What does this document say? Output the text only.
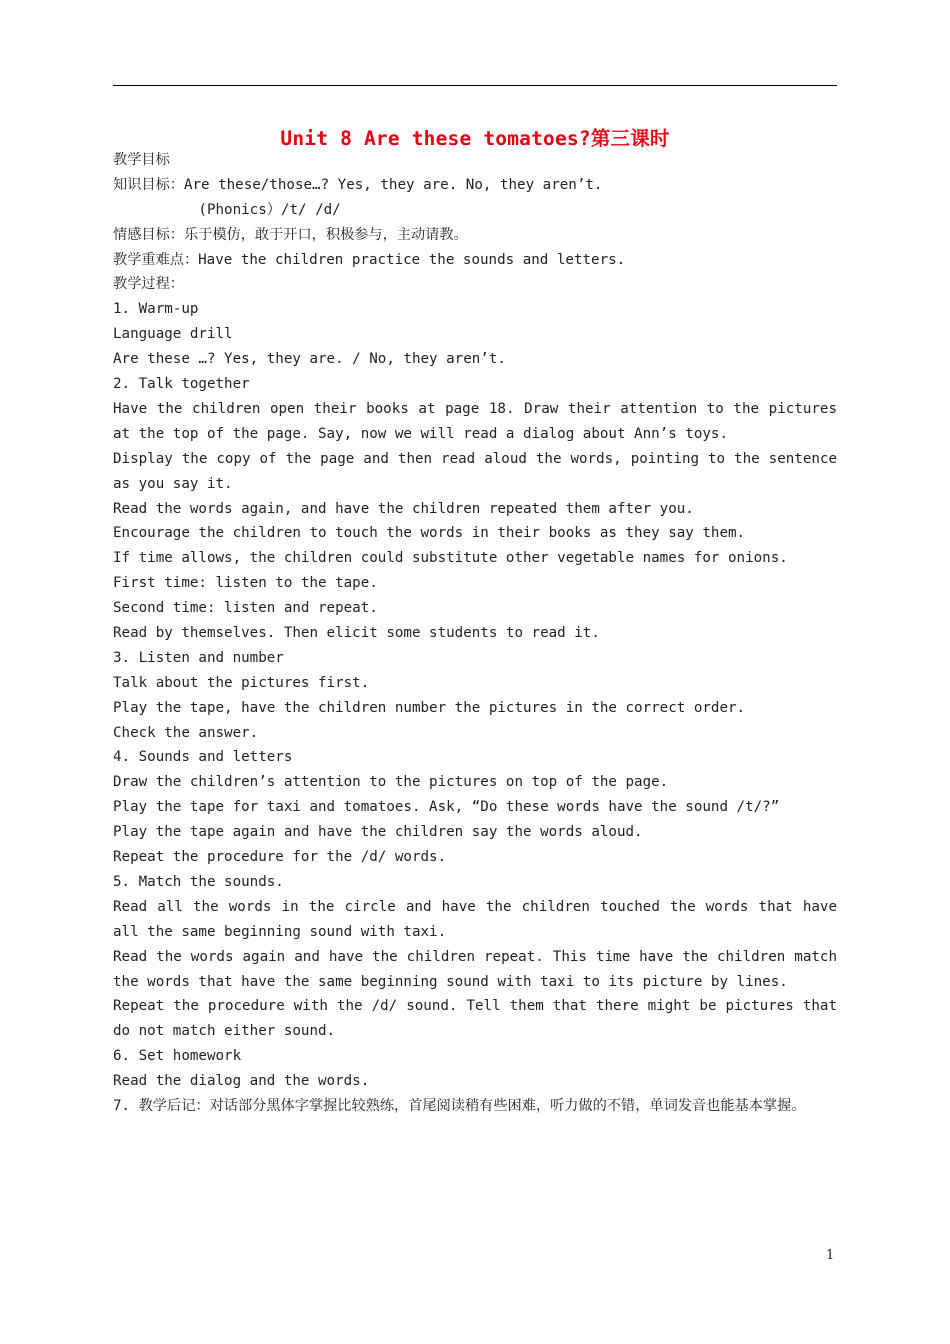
Unit 8 Are these tomatoes?第三课时
教学目标
知识目标：Are these/those…? Yes, they are. No, they aren’t.
(Phonics）/t/ /d/
情感目标：乐于模仿，敢于开口，积极参与，主动请教。
教学重难点：Have the children practice the sounds and letters.
教学过程：
1. Warm-up
Language drill
Are these …? Yes, they are. / No, they aren’t.
2. Talk together
Have the children open their books at page 18. Draw their attention to the pictures at the top of the page. Say, now we will read a dialog about Ann’s toys.
Display the copy of the page and then read aloud the words, pointing to the sentence as you say it.
Read the words again, and have the children repeated them after you.
Encourage the children to touch the words in their books as they say them.
If time allows, the children could substitute other vegetable names for onions.
First time: listen to the tape.
Second time: listen and repeat.
Read by themselves. Then elicit some students to read it.
3. Listen and number
Talk about the pictures first.
Play the tape, have the children number the pictures in the correct order.
Check the answer.
4. Sounds and letters
Draw the children’s attention to the pictures on top of the page.
Play the tape for taxi and tomatoes. Ask, “Do these words have the sound /t/?”
Play the tape again and have the children say the words aloud.
Repeat the procedure for the /d/ words.
5. Match the sounds.
Read all the words in the circle and have the children touched the words that have all the same beginning sound with taxi.
Read the words again and have the children repeat. This time have the children match the words that have the same beginning sound with taxi to its picture by lines.
Repeat the procedure with the /d/ sound. Tell them that there might be pictures that do not match either sound.
6. Set homework
Read the dialog and the words.
7. 教学后记：对话部分黑体字掌握比较熟练，首尾阅读稍有些困难，听力做的不错，单词发音也能基本掌握。
1
